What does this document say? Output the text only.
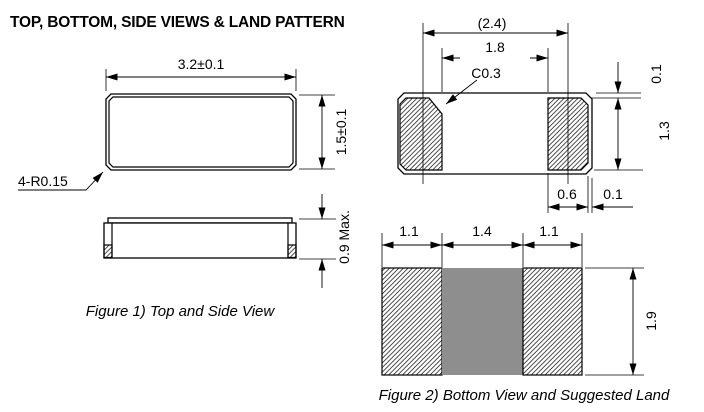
TOP, BOTTOM, SIDE VIEWS & LAND PATTERN
3.2±0.1
1.5±0.1
4-R0.15
0.9 Max.
Figure 1) Top and Side View
(2.4)
1.8
C0.3	0.1
1.3
0.6 0.1
1.1	1.4	1.1
1.9
Figure 2) Bottom View and Suggested Land
